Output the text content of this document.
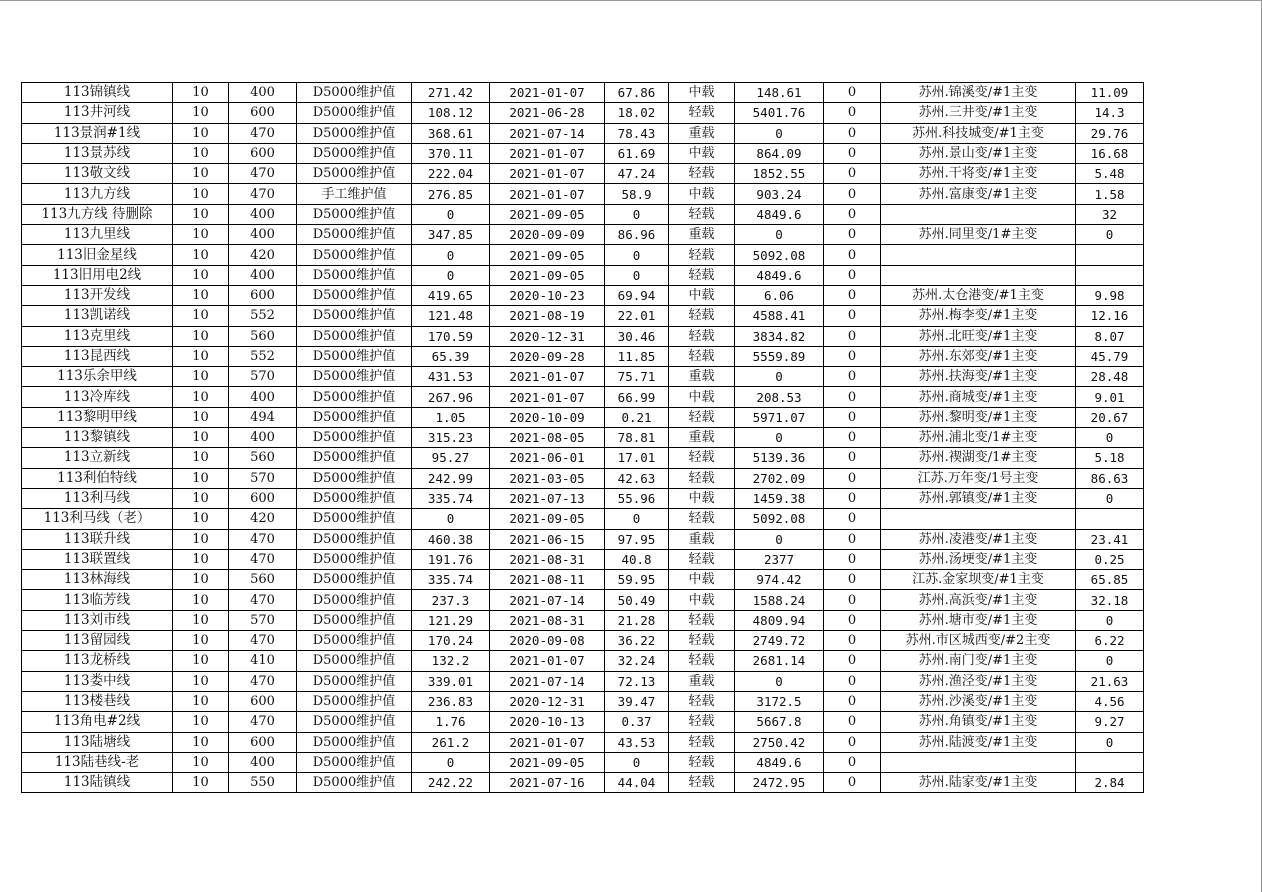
113锦镇线	10	400	D5000维护值	271.42	2021-01-07	67.86	中载	148.61	0	苏州.锦溪变/#1主变	11.09
113井河线	10	600	D5000维护值	108.12	2021-06-28	18.02	轻载	5401.76	0	苏州.三井变/#1主变	14.3
113景润#1线	10	470	D5000维护值	368.61	2021-07-14	78.43	重载	0	0	苏州.科技城变/#1主变	29.76
113景苏线	10	600	D5000维护值	370.11	2021-01-07	61.69	中载	864.09	0	苏州.景山变/#1主变	16.68
113敬文线	10	470	D5000维护值	222.04	2021-01-07	47.24	轻载	1852.55	0	苏州.干将变/#1主变	5.48
113九方线	10	470	手工维护值	276.85	2021-01-07	58.9	中载	903.24	0	苏州.富康变/#1主变	1.58
113九方线 待删除	10	400	D5000维护值	0	2021-09-05	0	轻载	4849.6	0		32
113九里线	10	400	D5000维护值	347.85	2020-09-09	86.96	重载	0	0	苏州.同里变/1#主变	0
113旧金星线	10	420	D5000维护值	0	2021-09-05	0	轻载	5092.08	0		
113旧用电2线	10	400	D5000维护值	0	2021-09-05	0	轻载	4849.6	0		
113开发线	10	600	D5000维护值	419.65	2020-10-23	69.94	中载	6.06	0	苏州.太仓港变/#1主变	9.98
113凯诺线	10	552	D5000维护值	121.48	2021-08-19	22.01	轻载	4588.41	0	苏州.梅李变/#1主变	12.16
113克里线	10	560	D5000维护值	170.59	2020-12-31	30.46	轻载	3834.82	0	苏州.北旺变/#1主变	8.07
113昆西线	10	552	D5000维护值	65.39	2020-09-28	11.85	轻载	5559.89	0	苏州.东郊变/#1主变	45.79
113乐余甲线	10	570	D5000维护值	431.53	2021-01-07	75.71	重载	0	0	苏州.扶海变/#1主变	28.48
113冷库线	10	400	D5000维护值	267.96	2021-01-07	66.99	中载	208.53	0	苏州.商城变/#1主变	9.01
113黎明甲线	10	494	D5000维护值	1.05	2020-10-09	0.21	轻载	5971.07	0	苏州.黎明变/#1主变	20.67
113黎镇线	10	400	D5000维护值	315.23	2021-08-05	78.81	重载	0	0	苏州.浦北变/1#主变	0
113立新线	10	560	D5000维护值	95.27	2021-06-01	17.01	轻载	5139.36	0	苏州.禊湖变/1#主变	5.18
113利伯特线	10	570	D5000维护值	242.99	2021-03-05	42.63	轻载	2702.09	0	江苏.万年变/1号主变	86.63
113利马线	10	600	D5000维护值	335.74	2021-07-13	55.96	中载	1459.38	0	苏州.郭镇变/#1主变	0
113利马线（老）	10	420	D5000维护值	0	2021-09-05	0	轻载	5092.08	0		
113联升线	10	470	D5000维护值	460.38	2021-06-15	97.95	重载	0	0	苏州.凌港变/#1主变	23.41
113联置线	10	470	D5000维护值	191.76	2021-08-31	40.8	轻载	2377	0	苏州.汤埂变/#1主变	0.25
113林海线	10	560	D5000维护值	335.74	2021-08-11	59.95	中载	974.42	0	江苏.金家坝变/#1主变	65.85
113临芳线	10	470	D5000维护值	237.3	2021-07-14	50.49	中载	1588.24	0	苏州.高浜变/#1主变	32.18
113刘市线	10	570	D5000维护值	121.29	2021-08-31	21.28	轻载	4809.94	0	苏州.塘市变/#1主变	0
113留园线	10	470	D5000维护值	170.24	2020-09-08	36.22	轻载	2749.72	0	苏州.市区城西变/#2主变	6.22
113龙桥线	10	410	D5000维护值	132.2	2021-01-07	32.24	轻载	2681.14	0	苏州.南门变/#1主变	0
113娄中线	10	470	D5000维护值	339.01	2021-07-14	72.13	重载	0	0	苏州.渔泾变/#1主变	21.63
113楼巷线	10	600	D5000维护值	236.83	2020-12-31	39.47	轻载	3172.5	0	苏州.沙溪变/#1主变	4.56
113角电#2线	10	470	D5000维护值	1.76	2020-10-13	0.37	轻载	5667.8	0	苏州.角镇变/#1主变	9.27
113陆塘线	10	600	D5000维护值	261.2	2021-01-07	43.53	轻载	2750.42	0	苏州.陆渡变/#1主变	0
113陆巷线-老	10	400	D5000维护值	0	2021-09-05	0	轻载	4849.6	0		
113陆镇线	10	550	D5000维护值	242.22	2021-07-16	44.04	轻载	2472.95	0	苏州.陆家变/#1主变	2.84
